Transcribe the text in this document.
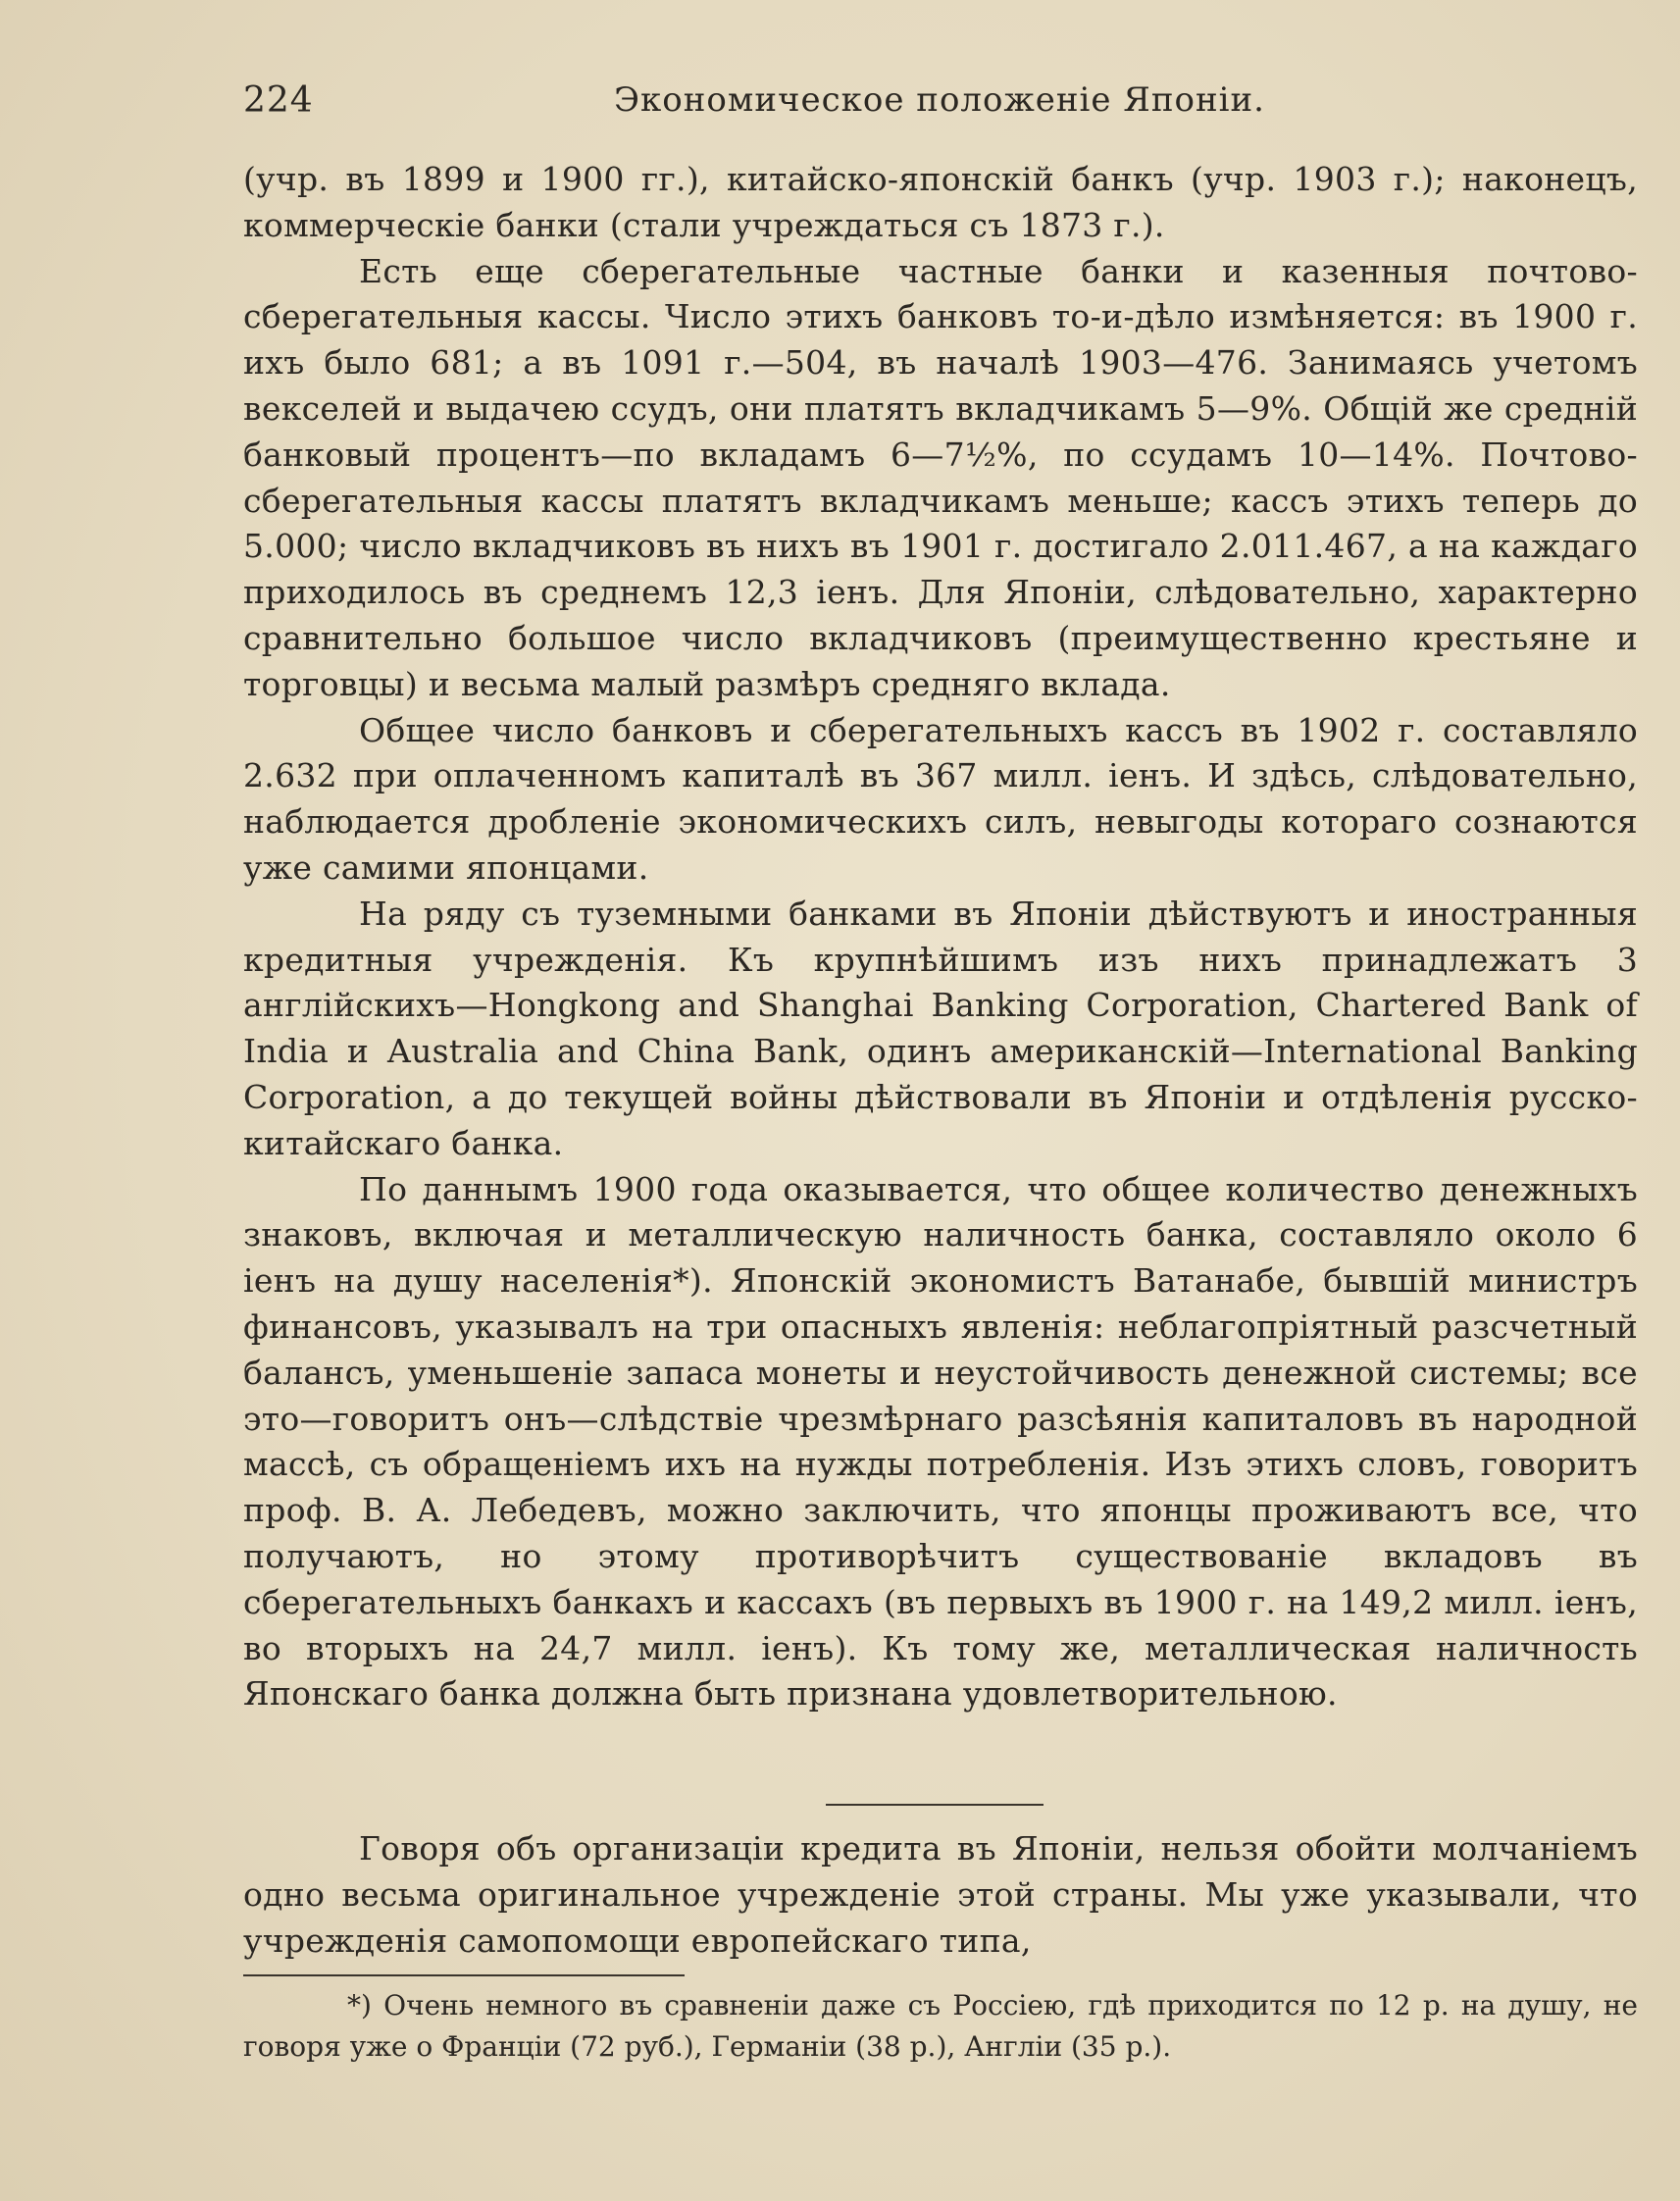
224	Экономическое положеніе Японіи.

(учр. въ 1899 и 1900 гг.), китайско-японскій банкъ (учр. 1903 г.); наконецъ, коммерческіе банки (стали учреждаться съ 1873 г.).

Есть еще сберегательные частные банки и казенныя почтово-сберегательныя кассы. Число этихъ банковъ то-и-дѣло измѣняется: въ 1900 г. ихъ было 681; а въ 1091 г.—504, въ началѣ 1903—476. Занимаясь учетомъ векселей и выдачею ссудъ, они платятъ вкладчикамъ 5—9%. Общій же средній банковый процентъ—по вкладамъ 6—7½%, по ссудамъ 10—14%. Почтово-сберегательныя кассы платятъ вкладчикамъ меньше; кассъ этихъ теперь до 5.000; число вкладчиковъ въ нихъ въ 1901 г. достигало 2.011.467, а на каждаго приходилось въ среднемъ 12,3 іенъ. Для Японіи, слѣдовательно, характерно сравнительно большое число вкладчиковъ (преимущественно крестьяне и торговцы) и весьма малый размѣръ средняго вклада.

Общее число банковъ и сберегательныхъ кассъ въ 1902 г. составляло 2.632 при оплаченномъ капиталѣ въ 367 милл. іенъ. И здѣсь, слѣдовательно, наблюдается дробленіе экономическихъ силъ, невыгоды котораго сознаются уже самими японцами.

На ряду съ туземными банками въ Японіи дѣйствуютъ и иностранныя кредитныя учрежденія. Къ крупнѣйшимъ изъ нихъ принадлежатъ 3 англійскихъ—Hongkong and Shanghai Banking Corporation, Chartered Bank of India и Australia and China Bank, одинъ американскій—International Banking Corporation, а до текущей войны дѣйствовали въ Японіи и отдѣленія русско-китайскаго банка.

По даннымъ 1900 года оказывается, что общее количество денежныхъ знаковъ, включая и металлическую наличность банка, составляло около 6 іенъ на душу населенія*). Японскій экономистъ Ватанабе, бывшій министръ финансовъ, указывалъ на три опасныхъ явленія: неблагопріятный разсчетный балансъ, уменьшеніе запаса монеты и неустойчивость денежной системы; все это—говоритъ онъ—слѣдствіе чрезмѣрнаго разсѣянія капиталовъ въ народной массѣ, съ обращеніемъ ихъ на нужды потребленія. Изъ этихъ словъ, говоритъ проф. В. А. Лебедевъ, можно заключить, что японцы проживаютъ все, что получаютъ, но этому противорѣчитъ существованіе вкладовъ въ сберегательныхъ банкахъ и кассахъ (въ первыхъ въ 1900 г. на 149,2 милл. іенъ, во вторыхъ на 24,7 милл. іенъ). Къ тому же, металлическая наличность Японскаго банка должна быть признана удовлетворительною.

Говоря объ организаціи кредита въ Японіи, нельзя обойти молчаніемъ одно весьма оригинальное учрежденіе этой страны. Мы уже указывали, что учрежденія самопомощи европейскаго типа,

*) Очень немного въ сравненіи даже съ Россіею, гдѣ приходится по 12 р. на душу, не говоря уже о Франціи (72 руб.), Германіи (38 р.), Англіи (35 р.).
